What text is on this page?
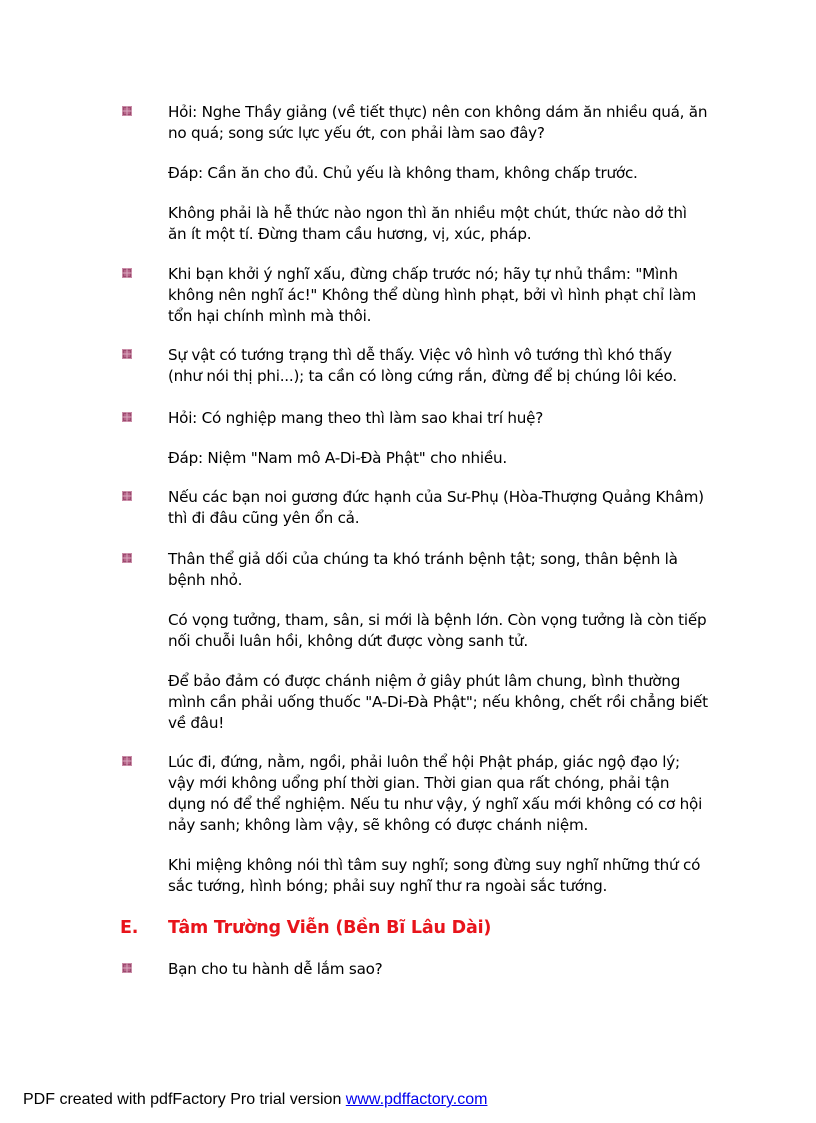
Hỏi: Nghe Thầy giảng (về tiết thực) nên con không dám ăn nhiều quá, ăn no quá; song sức lực yếu ớt, con phải làm sao đây?

Đáp: Cần ăn cho đủ. Chủ yếu là không tham, không chấp trước.

Không phải là hễ thức nào ngon thì ăn nhiều một chút, thức nào dở thì ăn ít một tí. Đừng tham cầu hương, vị, xúc, pháp.

Khi bạn khởi ý nghĩ xấu, đừng chấp trước nó; hãy tự nhủ thầm: "Mình không nên nghĩ ác!" Không thể dùng hình phạt, bởi vì hình phạt chỉ làm tổn hại chính mình mà thôi.

Sự vật có tướng trạng thì dễ thấy. Việc vô hình vô tướng thì khó thấy (như nói thị phi...); ta cần có lòng cứng rắn, đừng để bị chúng lôi kéo.

Hỏi: Có nghiệp mang theo thì làm sao khai trí huệ?

Đáp: Niệm "Nam mô A-Di-Đà Phật" cho nhiều.

Nếu các bạn noi gương đức hạnh của Sư-Phụ (Hòa-Thượng Quảng Khâm) thì đi đâu cũng yên ổn cả.

Thân thể giả dối của chúng ta khó tránh bệnh tật; song, thân bệnh là bệnh nhỏ.

Có vọng tưởng, tham, sân, si mới là bệnh lớn. Còn vọng tưởng là còn tiếp nối chuỗi luân hồi, không dứt được vòng sanh tử.

Để bảo đảm có được chánh niệm ở giây phút lâm chung, bình thường mình cần phải uống thuốc "A-Di-Đà Phật"; nếu không, chết rồi chẳng biết về đâu!

Lúc đi, đứng, nằm, ngồi, phải luôn thể hội Phật pháp, giác ngộ đạo lý; vậy mới không uổng phí thời gian. Thời gian qua rất chóng, phải tận dụng nó để thể nghiệm. Nếu tu như vậy, ý nghĩ xấu mới không có cơ hội nảy sanh; không làm vậy, sẽ không có được chánh niệm.

Khi miệng không nói thì tâm suy nghĩ; song đừng suy nghĩ những thứ có sắc tướng, hình bóng; phải suy nghĩ thư ra ngoài sắc tướng.

E. Tâm Trường Viễn (Bền Bĩ Lâu Dài)

Bạn cho tu hành dễ lắm sao?

PDF created with pdfFactory Pro trial version www.pdffactory.com
